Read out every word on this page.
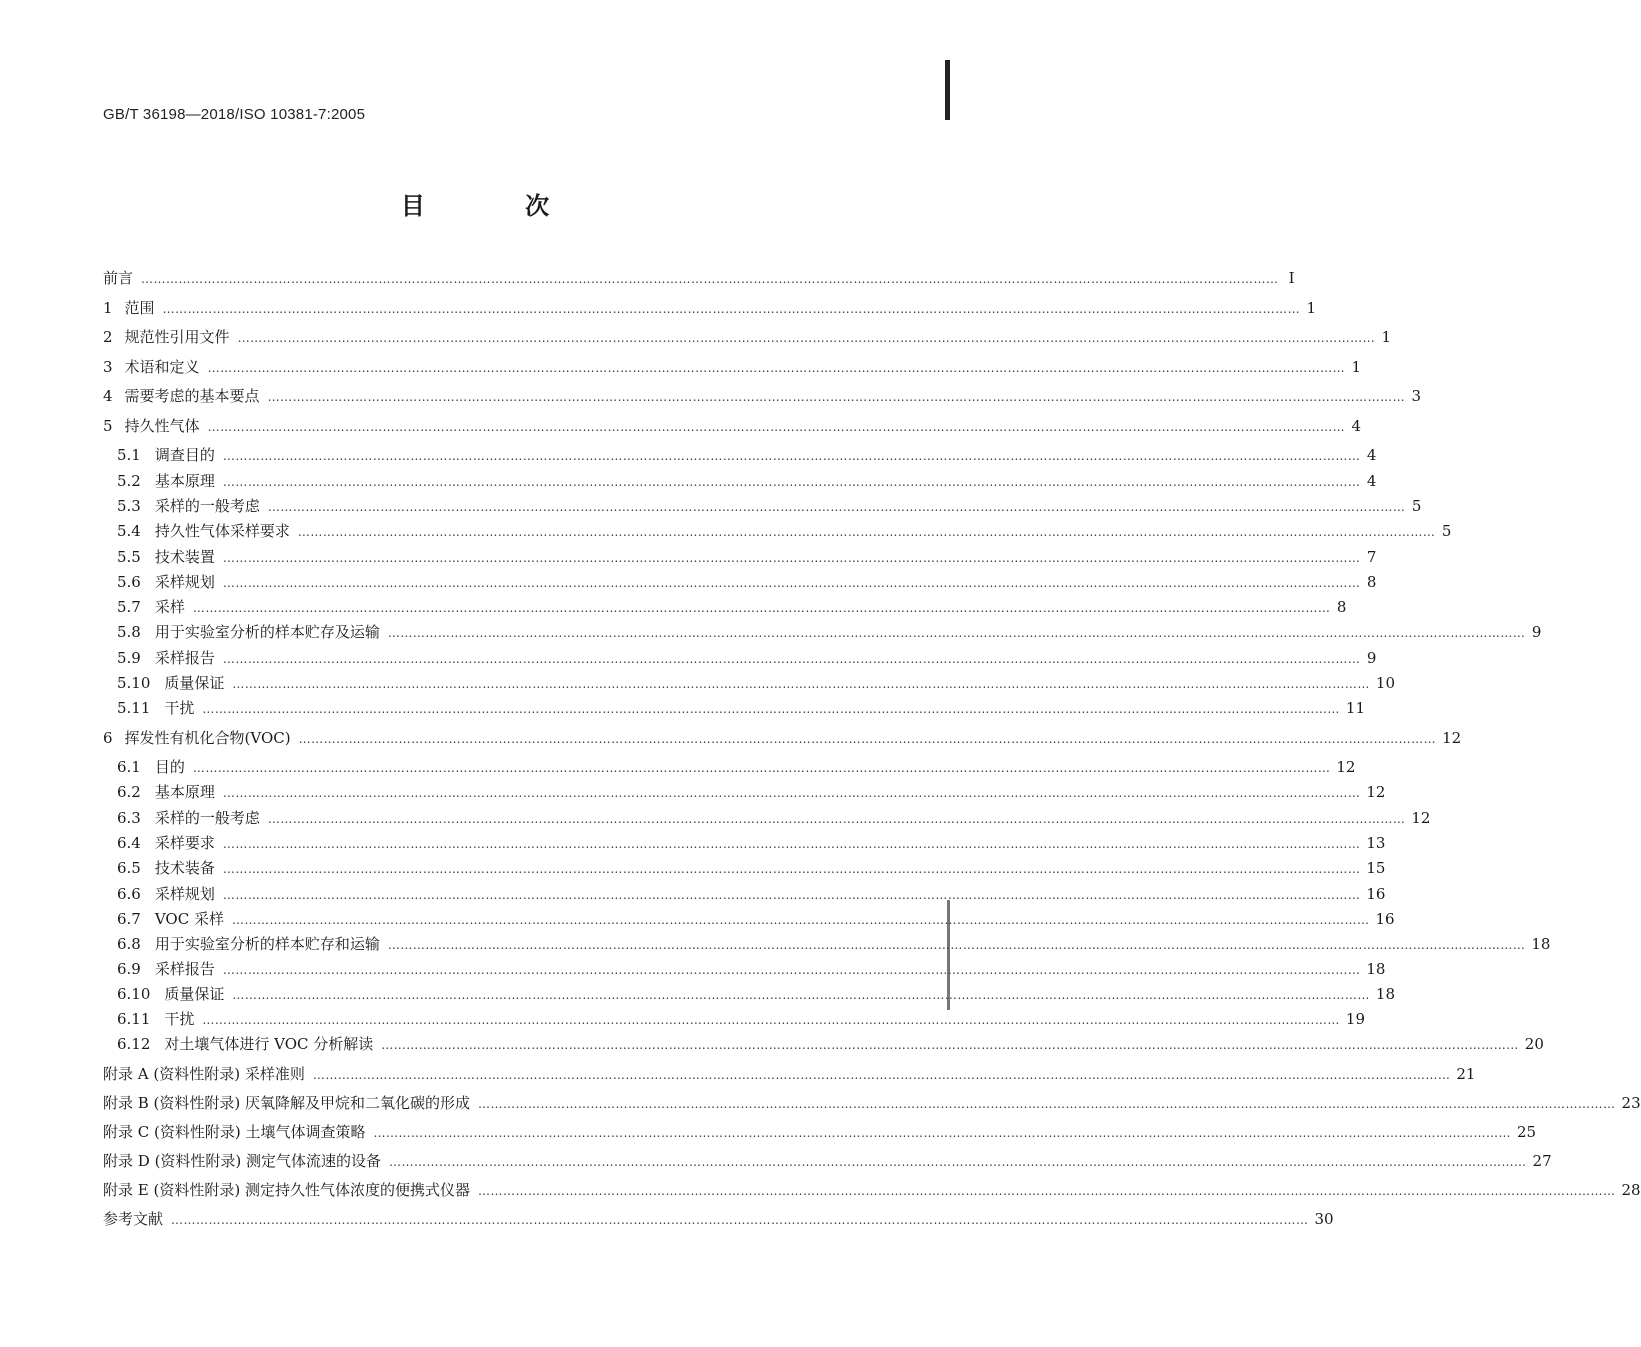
GB/T 36198—2018/ISO 10381-7:2005
目 次
前言 ………………………………………………………………………………………………………………………………………………………………………………………………………………………………………………… Ⅰ
1 范围 ………………………………………………………………………………………………………………………………………………………………………………………………………………………………………………… 1
2 规范性引用文件 ………………………………………………………………………………………………………………………………………………………………………………………………………………………………………………… 1
3 术语和定义 ………………………………………………………………………………………………………………………………………………………………………………………………………………………………………………… 1
4 需要考虑的基本要点 ………………………………………………………………………………………………………………………………………………………………………………………………………………………………………………… 3
5 持久性气体 ………………………………………………………………………………………………………………………………………………………………………………………………………………………………………………… 4
5.1 调查目的 ………………………………………………………………………………………………………………………………………………………………………………………………………………………………………………… 4
5.2 基本原理 ………………………………………………………………………………………………………………………………………………………………………………………………………………………………………………… 4
5.3 采样的一般考虑 ………………………………………………………………………………………………………………………………………………………………………………………………………………………………………………… 5
5.4 持久性气体采样要求 ………………………………………………………………………………………………………………………………………………………………………………………………………………………………………………… 5
5.5 技术装置 ………………………………………………………………………………………………………………………………………………………………………………………………………………………………………………… 7
5.6 采样规划 ………………………………………………………………………………………………………………………………………………………………………………………………………………………………………………… 8
5.7 采样 ………………………………………………………………………………………………………………………………………………………………………………………………………………………………………………… 8
5.8 用于实验室分析的样本贮存及运输 ………………………………………………………………………………………………………………………………………………………………………………………………………………………………………………… 9
5.9 采样报告 ………………………………………………………………………………………………………………………………………………………………………………………………………………………………………………… 9
5.10 质量保证 ………………………………………………………………………………………………………………………………………………………………………………………………………………………………………………… 10
5.11 干扰 ………………………………………………………………………………………………………………………………………………………………………………………………………………………………………………… 11
6 挥发性有机化合物(VOC) ………………………………………………………………………………………………………………………………………………………………………………………………………………………………………………… 12
6.1 目的 ………………………………………………………………………………………………………………………………………………………………………………………………………………………………………………… 12
6.2 基本原理 ………………………………………………………………………………………………………………………………………………………………………………………………………………………………………………… 12
6.3 采样的一般考虑 ………………………………………………………………………………………………………………………………………………………………………………………………………………………………………………… 12
6.4 采样要求 ………………………………………………………………………………………………………………………………………………………………………………………………………………………………………………… 13
6.5 技术装备 ………………………………………………………………………………………………………………………………………………………………………………………………………………………………………………… 15
6.6 采样规划 ………………………………………………………………………………………………………………………………………………………………………………………………………………………………………………… 16
6.7 VOC 采样 ………………………………………………………………………………………………………………………………………………………………………………………………………………………………………………… 16
6.8 用于实验室分析的样本贮存和运输 ………………………………………………………………………………………………………………………………………………………………………………………………………………………………………………… 18
6.9 采样报告 ………………………………………………………………………………………………………………………………………………………………………………………………………………………………………………… 18
6.10 质量保证 ………………………………………………………………………………………………………………………………………………………………………………………………………………………………………………… 18
6.11 干扰 ………………………………………………………………………………………………………………………………………………………………………………………………………………………………………………… 19
6.12 对土壤气体进行 VOC 分析解读 ………………………………………………………………………………………………………………………………………………………………………………………………………………………………………………… 20
附录 A (资料性附录) 采样准则 ………………………………………………………………………………………………………………………………………………………………………………………………………………………………………………… 21
附录 B (资料性附录) 厌氧降解及甲烷和二氧化碳的形成 ………………………………………………………………………………………………………………………………………………………………………………………………………………………………………………… 23
附录 C (资料性附录) 土壤气体调查策略 ………………………………………………………………………………………………………………………………………………………………………………………………………………………………………………… 25
附录 D (资料性附录) 测定气体流速的设备 ………………………………………………………………………………………………………………………………………………………………………………………………………………………………………………… 27
附录 E (资料性附录) 测定持久性气体浓度的便携式仪器 ………………………………………………………………………………………………………………………………………………………………………………………………………………………………………………… 28
参考文献 ………………………………………………………………………………………………………………………………………………………………………………………………………………………………………………… 30
